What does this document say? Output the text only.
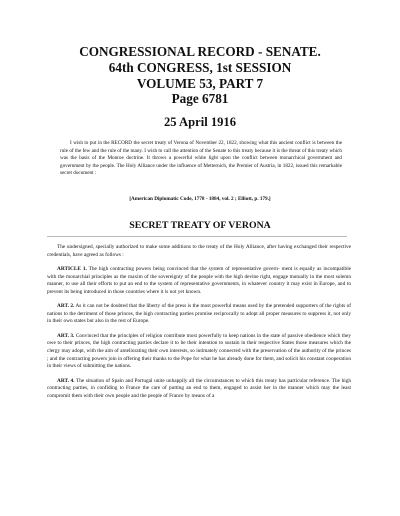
CONGRESSIONAL RECORD - SENATE.
64th CONGRESS, 1st SESSION
VOLUME 53, PART 7
Page 6781
25 April 1916

I wish to put in the RECORD the secret treaty of Verona of November 22, 1822, showing what this ancient conflict is between the rule of the few and the rule of the many. I wish to call the attention of the Senate to this treaty because it is the threat of this treaty which was the basis of the Monroe doctrine. It throws a powerful white light upon the conflict between monarchical government and government by the people. The Holy Alliance under the influence of Metternich, the Premier of Austria, in 1822, issued this remarkable secret document :

[American Diplomatic Code, 1778 - 1884, vol. 2 ; Elliott, p. 179.]
SECRET TREATY OF VERONA

The undersigned, specially authorized to make some additions to the treaty of the Holy Alliance, after having exchanged their respective credentials, have agreed as follows :

ARTICLE 1. The high contracting powers being convinced that the system of representative govern- ment is equally as incompatible with the monarchial principles as the maxim of the sovereignty of the people with the high devine right, engage mutually in the most solemn manner, to use all their efforts to put an end to the system of representative governments, in whatever country it may exist in Europe, and to prevent its being introduced in those countries where it is not yet known.

ART. 2. As it can not be doubted that the liberty of the press is the most powerful means used by the pretended supporters of the rights of nations to the detriment of those princes, the high contracting parties promise reciprocally to adopt all proper measures to suppress it, not only in their own states but also in the rest of Europe.

ART. 3. Convinced that the principles of religion contribute most powerfully to keep nations in the state of passive obedience which they owe to their princes, the high contracting parties declare it to be their intention to sustain in their respective States those measures which the clergy may adopt, with the aim of ameliorating their own interests, so intimately connected with the preservation of the authority of the princes ; and the contracting powers join in offering their thanks to the Pope for what he has already done for them, and solicit his constant cooperation in their views of submitting the nations.

ART. 4. The situation of Spain and Portugal unite unhappily all the circumstances to which this treaty has particular reference. The high contracting parties, in confiding to France the care of putting an end to them, engaged to assist her in the manner which may the least compromit them with their own people and the people of France by means of a
